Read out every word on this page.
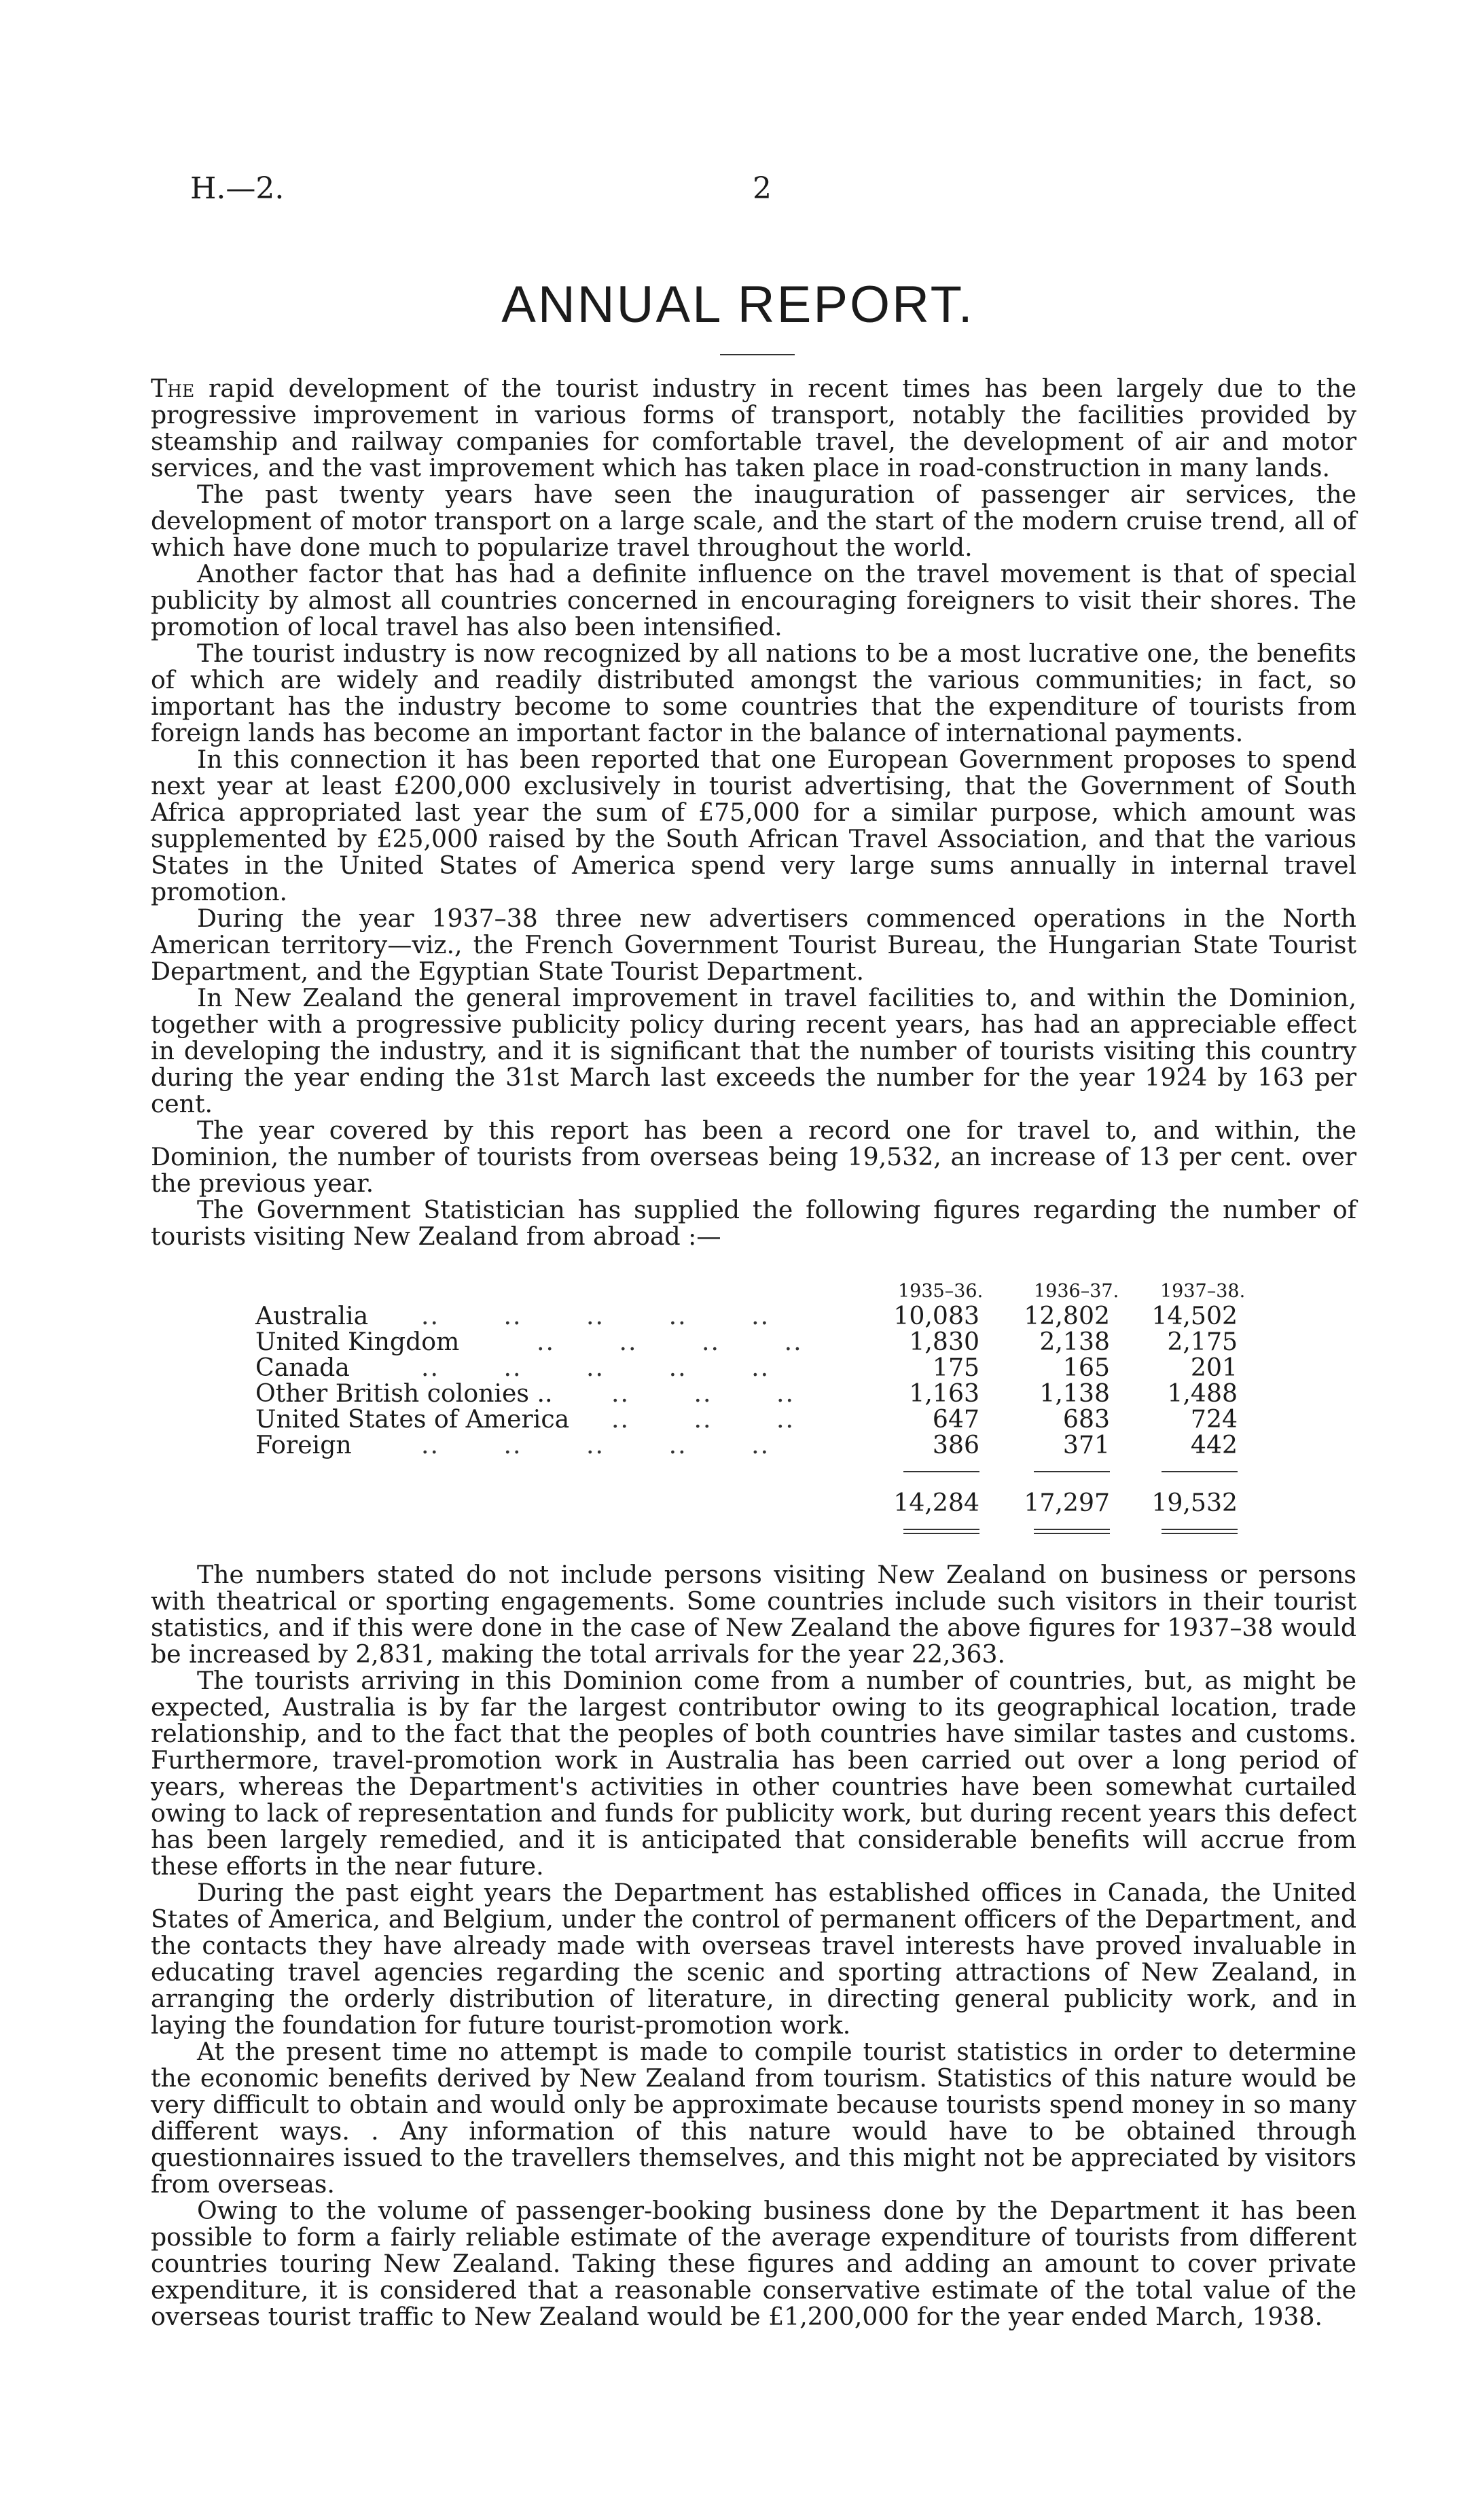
H.—2.	2
ANNUAL REPORT.

The rapid development of the tourist industry in recent times has been largely due to the progressive improvement in various forms of transport, notably the facilities provided by steamship and railway companies for comfortable travel, the development of air and motor services, and the vast improvement which has taken place in road-construction in many lands.

The past twenty years have seen the inauguration of passenger air services, the development of motor transport on a large scale, and the start of the modern cruise trend, all of which have done much to popularize travel throughout the world.

Another factor that has had a definite influence on the travel movement is that of special publicity by almost all countries concerned in encouraging foreigners to visit their shores. The promotion of local travel has also been intensified.

The tourist industry is now recognized by all nations to be a most lucrative one, the benefits of which are widely and readily distributed amongst the various communities; in fact, so important has the industry become to some countries that the expenditure of tourists from foreign lands has become an important factor in the balance of international payments.

In this connection it has been reported that one European Government proposes to spend next year at least £200,000 exclusively in tourist advertising, that the Government of South Africa appropriated last year the sum of £75,000 for a similar purpose, which amount was supplemented by £25,000 raised by the South African Travel Association, and that the various States in the United States of America spend very large sums annually in internal travel promotion.

During the year 1937–38 three new advertisers commenced operations in the North American territory—viz., the French Government Tourist Bureau, the Hungarian State Tourist Department, and the Egyptian State Tourist Department.

In New Zealand the general improvement in travel facilities to, and within the Dominion, together with a progressive publicity policy during recent years, has had an appreciable effect in developing the industry, and it is significant that the number of tourists visiting this country during the year ending the 31st March last exceeds the number for the year 1924 by 163 per cent.

The year covered by this report has been a record one for travel to, and within, the Dominion, the number of tourists from overseas being 19,532, an increase of 13 per cent. over the previous year.

The Government Statistician has supplied the following figures regarding the number of tourists visiting New Zealand from abroad :—

1935–36.	1936–37. 1937–38.
Australia ..       ..       ..       ..       ..	10,083	12,802	14,502
United Kingdom	..       ..       ..       ..	1,830	2,138	2,175
Canada	..       ..       ..       ..       ..	175	165	201
Other British colonies .. ..       ..       ..	1,163	1,138	1,488
United States of America ..       ..       ..	647	683	724
Foreign	..       ..       ..       ..       ..	386	371	442
14,284	17,297	19,532

The numbers stated do not include persons visiting New Zealand on business or persons with theatrical or sporting engagements. Some countries include such visitors in their tourist statistics, and if this were done in the case of New Zealand the above figures for 1937–38 would be increased by 2,831, making the total arrivals for the year 22,363.

The tourists arriving in this Dominion come from a number of countries, but, as might be expected, Australia is by far the largest contributor owing to its geographical location, trade relationship, and to the fact that the peoples of both countries have similar tastes and customs. Furthermore, travel-promotion work in Australia has been carried out over a long period of years, whereas the Department's activities in other countries have been somewhat curtailed owing to lack of representation and funds for publicity work, but during recent years this defect has been largely remedied, and it is anticipated that considerable benefits will accrue from these efforts in the near future.

During the past eight years the Department has established offices in Canada, the United States of America, and Belgium, under the control of permanent officers of the Department, and the contacts they have already made with overseas travel interests have proved invaluable in educating travel agencies regarding the scenic and sporting attractions of New Zealand, in arranging the orderly distribution of literature, in directing general publicity work, and in laying the foundation for future tourist-promotion work.

At the present time no attempt is made to compile tourist statistics in order to determine the economic benefits derived by New Zealand from tourism. Statistics of this nature would be very difficult to obtain and would only be approximate because tourists spend money in so many different ways. . Any information of this nature would have to be obtained through questionnaires issued to the travellers themselves, and this might not be appreciated by visitors from overseas.

Owing to the volume of passenger-booking business done by the Department it has been possible to form a fairly reliable estimate of the average expenditure of tourists from different countries touring New Zealand. Taking these figures and adding an amount to cover private expenditure, it is considered that a reasonable conservative estimate of the total value of the overseas tourist traffic to New Zealand would be £1,200,000 for the year ended March, 1938.
